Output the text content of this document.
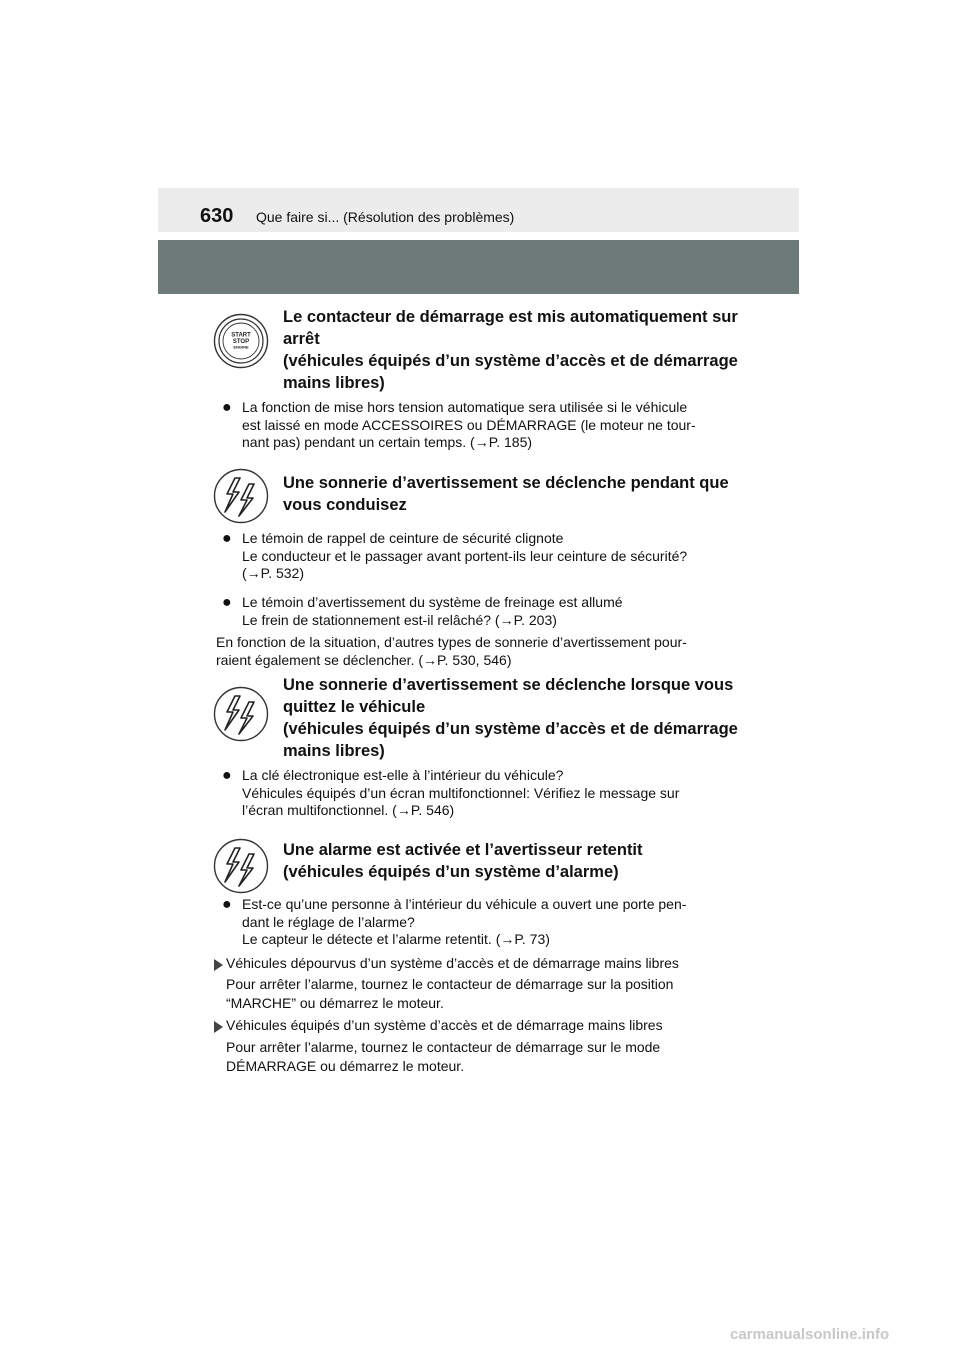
630 Que faire si... (Résolution des problèmes)
START
STOP
ENGINE
Le contacteur de démarrage est mis automatiquement sur
arrêt
(véhicules équipés d’un système d’accès et de démarrage
mains libres)
● La fonction de mise hors tension automatique sera utilisée si le véhicule
est laissé en mode ACCESSOIRES ou DÉMARRAGE (le moteur ne tour-
nant pas) pendant un certain temps. (→P. 185)
Une sonnerie d’avertissement se déclenche pendant que
vous conduisez
● Le témoin de rappel de ceinture de sécurité clignote
Le conducteur et le passager avant portent-ils leur ceinture de sécurité?
(→P. 532)
● Le témoin d’avertissement du système de freinage est allumé
Le frein de stationnement est-il relâché? (→P. 203)
En fonction de la situation, d’autres types de sonnerie d’avertissement pour-
raient également se déclencher. (→P. 530, 546)
Une sonnerie d’avertissement se déclenche lorsque vous
quittez le véhicule
(véhicules équipés d’un système d’accès et de démarrage
mains libres)
● La clé électronique est-elle à l’intérieur du véhicule?
Véhicules équipés d’un écran multifonctionnel: Vérifiez le message sur
l’écran multifonctionnel. (→P. 546)
Une alarme est activée et l’avertisseur retentit
(véhicules équipés d’un système d’alarme)
● Est-ce qu’une personne à l’intérieur du véhicule a ouvert une porte pen-
dant le réglage de l’alarme?
Le capteur le détecte et l’alarme retentit. (→P. 73)
Véhicules dépourvus d’un système d’accès et de démarrage mains libres
Pour arrêter l’alarme, tournez le contacteur de démarrage sur la position
“MARCHE” ou démarrez le moteur.
Véhicules équipés d’un système d’accès et de démarrage mains libres
Pour arrêter l’alarme, tournez le contacteur de démarrage sur le mode
DÉMARRAGE ou démarrez le moteur.
carmanualsonline.info
